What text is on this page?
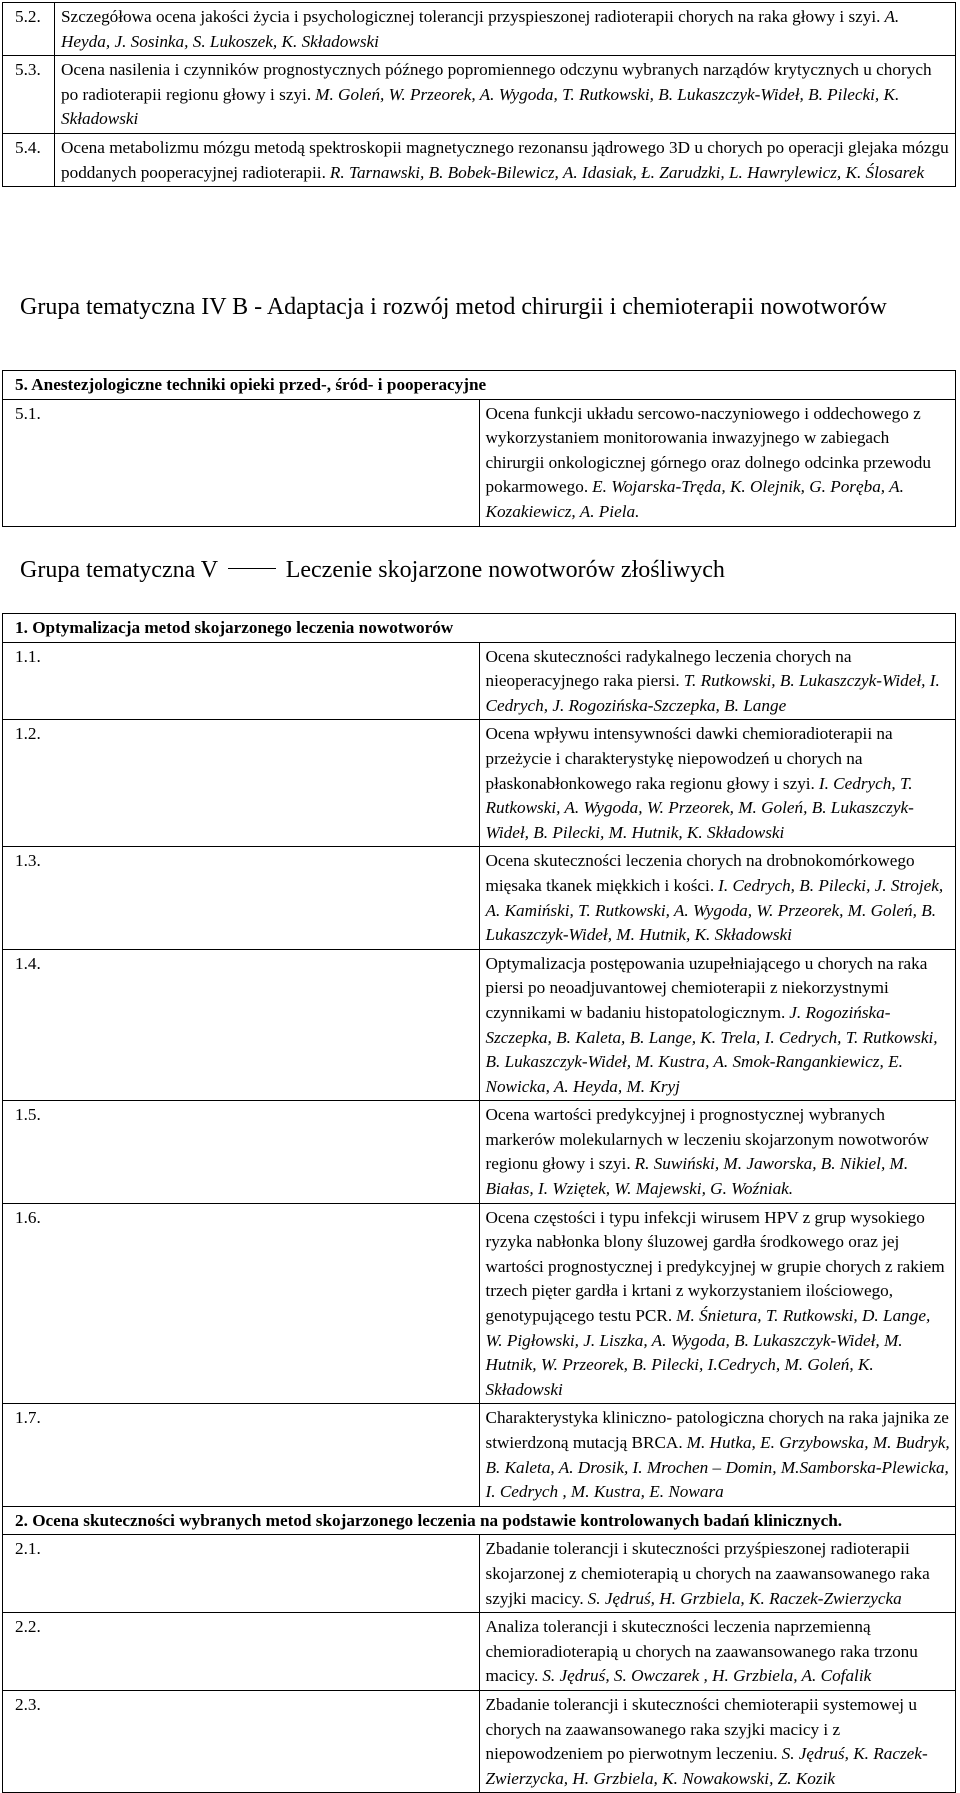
5.2.	Szczegółowa ocena jakości życia i psychologicznej tolerancji przyspieszonej radioterapii chorych na raka głowy i szyi. A. Heyda, J. Sosinka, S. Lukoszek, K. Składowski
5.3.	Ocena nasilenia i czynników prognostycznych późnego popromiennego odczynu wybranych narządów krytycznych u chorych po radioterapii regionu głowy i szyi. M. Goleń, W. Przeorek, A. Wygoda, T. Rutkowski, B. Lukaszczyk-Wideł, B. Pilecki, K. Składowski
5.4.	Ocena metabolizmu mózgu metodą spektroskopii magnetycznego rezonansu jądrowego 3D u chorych po operacji glejaka mózgu poddanych pooperacyjnej radioterapii. R. Tarnawski, B. Bobek-Bilewicz, A. Idasiak, Ł. Zarudzki, L. Hawrylewicz, K. Ślosarek
Grupa tematyczna IV B - Adaptacja i rozwój metod chirurgii i chemioterapii nowotworów
5. Anestezjologiczne techniki opieki przed-, śród- i pooperacyjne
5.1.	Ocena funkcji układu sercowo-naczyniowego i oddechowego z wykorzystaniem monitorowania inwazyjnego w zabiegach chirurgii onkologicznej górnego oraz dolnego odcinka przewodu pokarmowego. E. Wojarska-Tręda, K. Olejnik, G. Poręba, A. Kozakiewicz, A. Piela.
Grupa tematyczna V	Leczenie skojarzone nowotworów złośliwych
1. Optymalizacja metod skojarzonego leczenia nowotworów	
1.1.	Ocena skuteczności radykalnego leczenia chorych na nieoperacyjnego raka piersi. T. Rutkowski, B. Lukaszczyk-Wideł, I. Cedrych, J. Rogozińska-Szczepka, B. Lange
1.2.	Ocena wpływu intensywności dawki chemioradioterapii na przeżycie i charakterystykę niepowodzeń u chorych na płaskonabłonkowego raka regionu głowy i szyi. I. Cedrych, T. Rutkowski, A. Wygoda, W. Przeorek, M. Goleń, B. Lukaszczyk-Wideł, B. Pilecki, M. Hutnik, K. Składowski
1.3.	Ocena skuteczności leczenia chorych na drobnokomórkowego mięsaka tkanek miękkich i kości. I. Cedrych, B. Pilecki, J. Strojek, A. Kamiński, T. Rutkowski, A. Wygoda, W. Przeorek, M. Goleń, B. Lukaszczyk-Wideł, M. Hutnik, K. Składowski
1.4.	Optymalizacja postępowania uzupełniającego u chorych na raka piersi po neoadjuvantowej chemioterapii z niekorzystnymi czynnikami w badaniu histopatologicznym. J. Rogozińska-Szczepka, B. Kaleta, B. Lange, K. Trela, I. Cedrych, T. Rutkowski, B. Lukaszczyk-Wideł, M. Kustra, A. Smok-Rangankiewicz, E. Nowicka, A. Heyda, M. Kryj
1.5.	Ocena wartości predykcyjnej i prognostycznej wybranych markerów molekularnych w leczeniu skojarzonym nowotworów regionu głowy i szyi. R. Suwiński, M. Jaworska, B. Nikiel, M. Białas, I. Wziętek, W. Majewski, G. Woźniak.
1.6.	Ocena częstości i typu infekcji wirusem HPV z grup wysokiego ryzyka nabłonka blony śluzowej gardła środkowego oraz jej wartości prognostycznej i predykcyjnej w grupie chorych z rakiem trzech pięter gardła i krtani z wykorzystaniem ilościowego, genotypującego testu PCR. M. Śnietura, T. Rutkowski, D. Lange, W. Pigłowski, J. Liszka, A. Wygoda, B. Lukaszczyk-Wideł, M. Hutnik, W. Przeorek, B. Pilecki, I.Cedrych, M. Goleń, K. Składowski
1.7.	Charakterystyka kliniczno- patologiczna chorych na raka jajnika ze stwierdzoną mutacją BRCA. M. Hutka, E. Grzybowska, M. Budryk, B. Kaleta, A. Drosik, I. Mrochen – Domin, M.Samborska-Plewicka, I. Cedrych , M. Kustra, E. Nowara
2. Ocena skuteczności wybranych metod skojarzonego leczenia na podstawie kontrolowanych badań klinicznych.	
2.1.	Zbadanie tolerancji i skuteczności przyśpieszonej radioterapii skojarzonej z chemioterapią u chorych na zaawansowanego raka szyjki macicy. S. Jędruś, H. Grzbiela, K. Raczek-Zwierzycka
2.2.	Analiza tolerancji i skuteczności leczenia naprzemienną chemioradioterapią u chorych na zaawansowanego raka trzonu macicy. S. Jędruś, S. Owczarek , H. Grzbiela, A. Cofalik
2.3.	Zbadanie tolerancji i skuteczności chemioterapii systemowej u chorych na zaawansowanego raka szyjki macicy i z niepowodzeniem po pierwotnym leczeniu. S. Jędruś, K. Raczek-Zwierzycka, H. Grzbiela, K. Nowakowski, Z. Kozik
